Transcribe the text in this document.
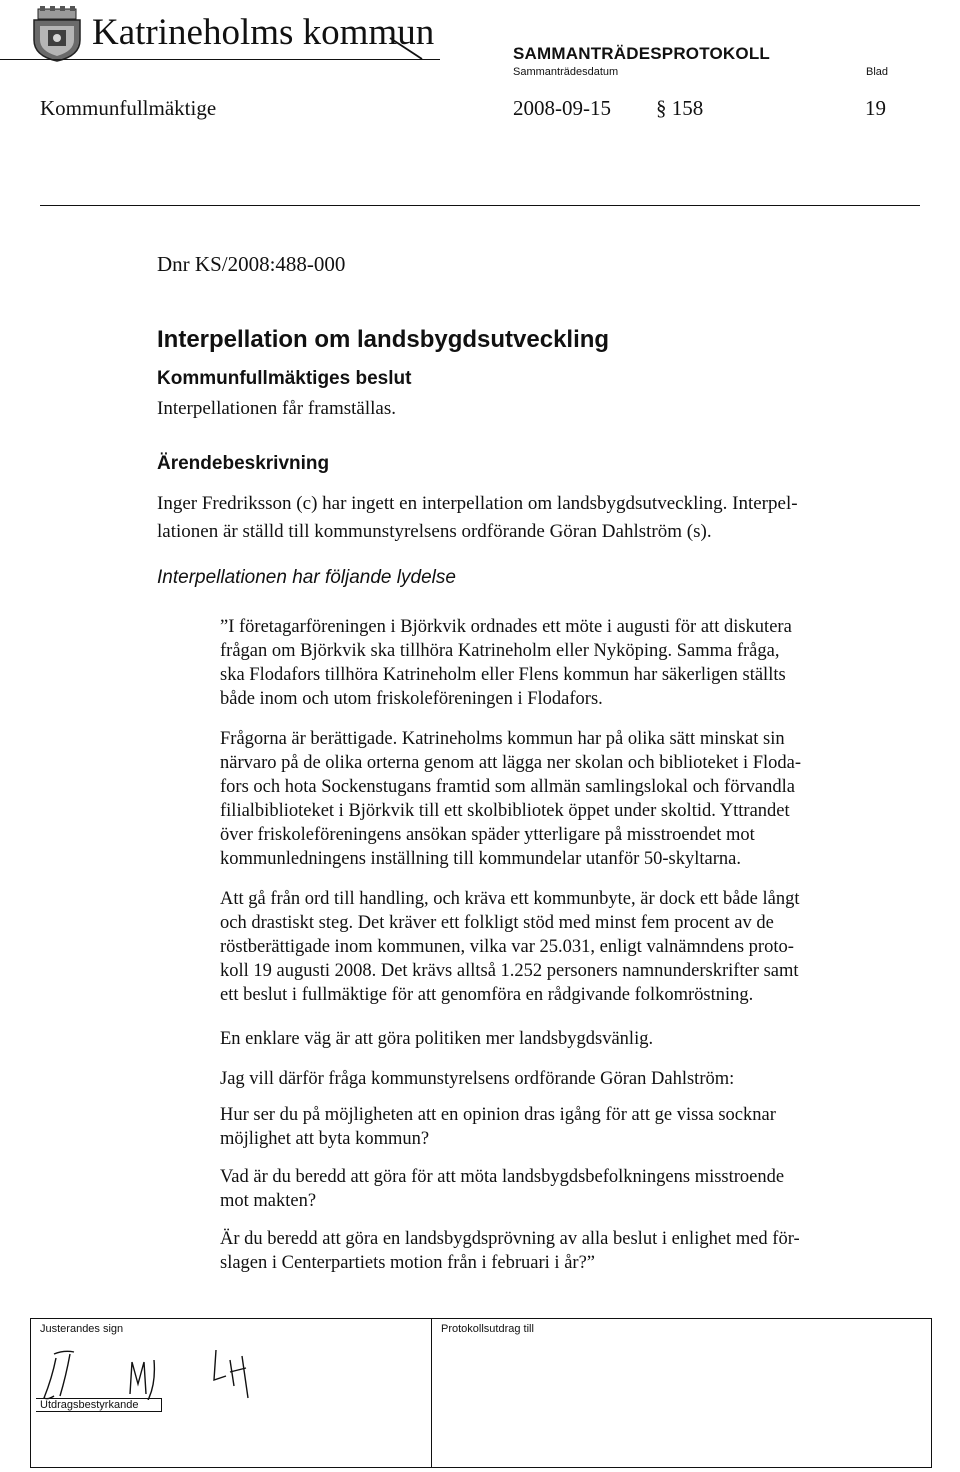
Katrineholms kommun
SAMMANTRÄDESPROTOKOLL
Sammanträdesdatum	Blad
Kommunfullmäktige	2008-09-15 § 158	19
Dnr KS/2008:488-000
Interpellation om landsbygdsutveckling
Kommunfullmäktiges beslut
Interpellationen får framställas.
Ärendebeskrivning
Inger Fredriksson (c) har ingett en interpellation om landsbygdsutveckling. Interpel-
lationen är ställd till kommunstyrelsens ordförande Göran Dahlström (s).
Interpellationen har följande lydelse
”I företagarföreningen i Björkvik ordnades ett möte i augusti för att diskutera
frågan om Björkvik ska tillhöra Katrineholm eller Nyköping. Samma fråga,
ska Flodafors tillhöra Katrineholm eller Flens kommun har säkerligen ställts
både inom och utom friskoleföreningen i Flodafors.
Frågorna är berättigade. Katrineholms kommun har på olika sätt minskat sin
närvaro på de olika orterna genom att lägga ner skolan och biblioteket i Floda-
fors och hota Sockenstugans framtid som allmän samlingslokal och förvandla
filialbiblioteket i Björkvik till ett skolbibliotek öppet under skoltid. Yttrandet
över friskoleföreningens ansökan späder ytterligare på misstroendet mot
kommunledningens inställning till kommundelar utanför 50-skyltarna.
Att gå från ord till handling, och kräva ett kommunbyte, är dock ett både långt
och drastiskt steg. Det kräver ett folkligt stöd med minst fem procent av de
röstberättigade inom kommunen, vilka var 25.031, enligt valnämndens proto-
koll 19 augusti 2008. Det krävs alltså 1.252 personers namnunderskrifter samt
ett beslut i fullmäktige för att genomföra en rådgivande folkomröstning.
En enklare väg är att göra politiken mer landsbygdsvänlig.
Jag vill därför fråga kommunstyrelsens ordförande Göran Dahlström:
Hur ser du på möjligheten att en opinion dras igång för att ge vissa socknar
möjlighet att byta kommun?
Vad är du beredd att göra för att möta landsbygdsbefolkningens misstroende
mot makten?
Är du beredd att göra en landsbygdsprövning av alla beslut i enlighet med för-
slagen i Centerpartiets motion från i februari i år?”
Justerandes sign
Utdragsbestyrkande
Protokollsutdrag till
